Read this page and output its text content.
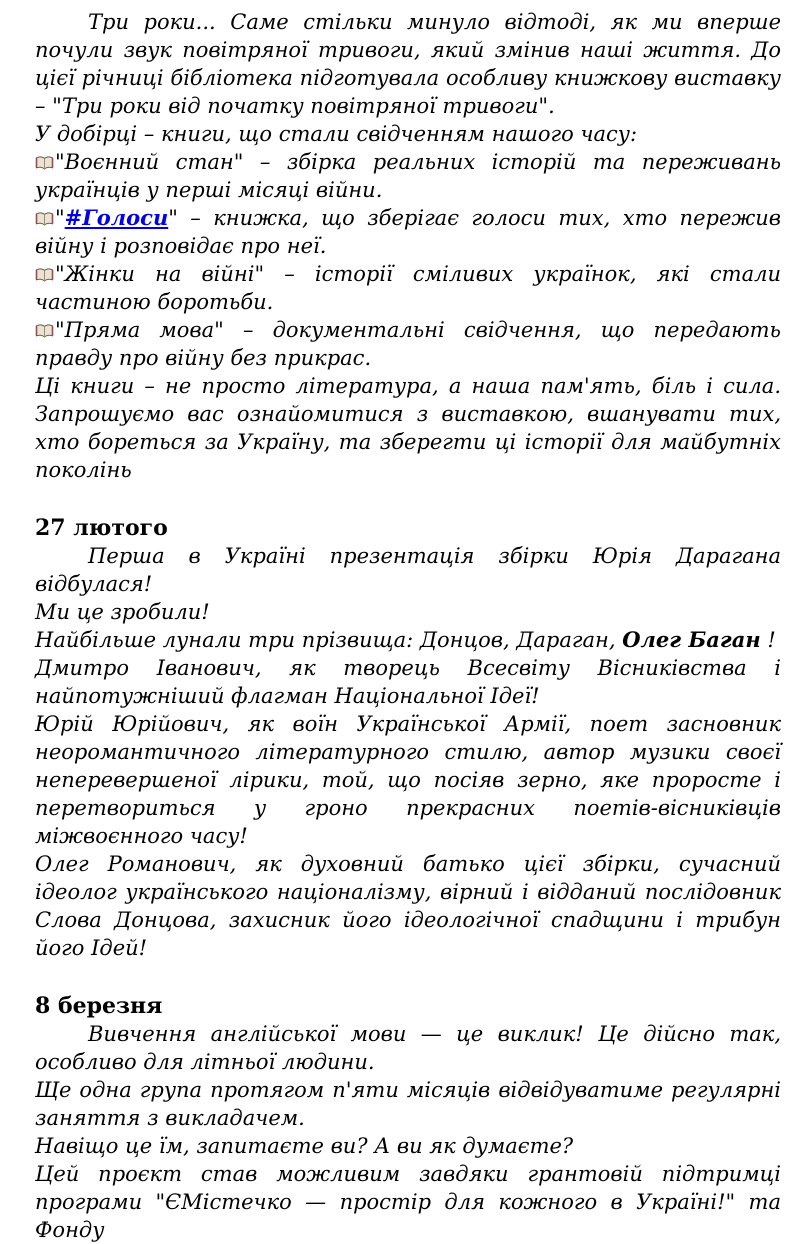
Три роки... Саме стільки минуло відтоді, як ми вперше почули звук повітряної тривоги, який змінив наші життя. До цієї річниці бібліотека підготувала особливу книжкову виставку – "Три роки від початку повітряної тривоги".

У добірці – книги, що стали свідченням нашого часу:

"Воєнний стан" – збірка реальних історій та переживань українців у перші місяці війни.

"#Голоси" – книжка, що зберігає голоси тих, хто пережив війну і розповідає про неї.

"Жінки на війні" – історії сміливих українок, які стали частиною боротьби.

"Пряма мова" – документальні свідчення, що передають правду про війну без прикрас.

Ці книги – не просто література, а наша пам'ять, біль і сила. Запрошуємо вас ознайомитися з виставкою, вшанувати тих, хто бореться за Україну, та зберегти ці історії для майбутніх поколінь

27 лютого

Перша в Україні презентація збірки Юрія Дарагана відбулася!

Ми це зробили!

Найбільше лунали три прізвища: Донцов, Дараган, Олег Баган !

Дмитро Іванович, як творець Всесвіту Вісниківства і найпотужніший флагман Національної Ідеї!

Юрій Юрійович, як воїн Української Армії, поет засновник неоромантичного літературного стилю, автор музики своєї неперевершеної лірики, той, що посіяв зерно, яке проросте і перетвориться у гроно прекрасних поетів-вісниківців міжвоєнного часу!

Олег Романович, як духовний батько цієї збірки, сучасний ідеолог українського націоналізму, вірний і відданий послідовник Слова Донцова, захисник його ідеологічної спадщини і трибун його Ідей!

8 березня

Вивчення англійської мови — це виклик! Це дійсно так, особливо для літньої людини.

Ще одна група протягом п'яти місяців відвідуватиме регулярні заняття з викладачем.

Навіщо це їм, запитаєте ви? А ви як думаєте?

Цей проєкт став можливим завдяки грантовій підтримці програми "ЄМістечко — простір для кожного в Україні!" та Фонду
